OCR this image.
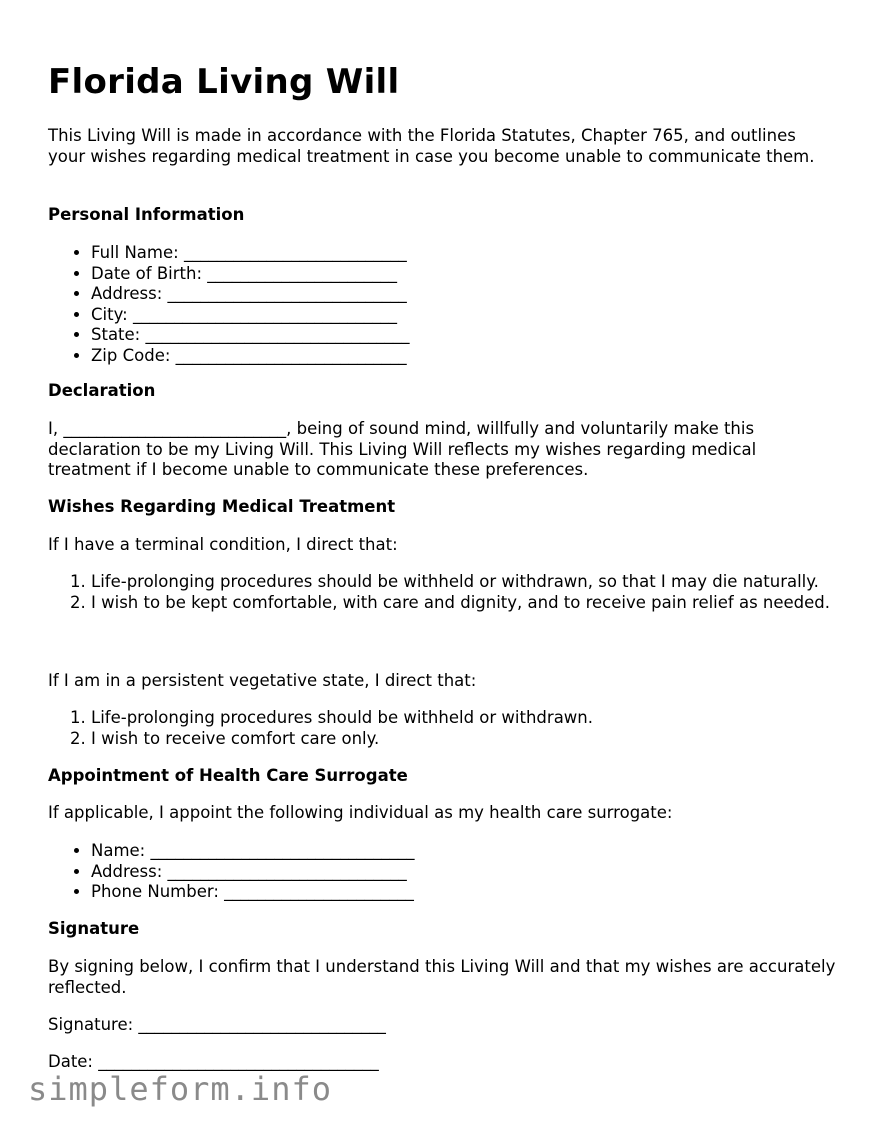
Florida Living Will
This Living Will is made in accordance with the Florida Statutes, Chapter 765, and outlines your wishes regarding medical treatment in case you become unable to communicate them.
Personal Information
• Full Name: ___________________________
• Date of Birth: _______________________
• Address: _____________________________
• City: ________________________________
• State: ________________________________
• Zip Code: ____________________________
Declaration
I, ___________________________, being of sound mind, willfully and voluntarily make this declaration to be my Living Will. This Living Will reflects my wishes regarding medical treatment if I become unable to communicate these preferences.
Wishes Regarding Medical Treatment
If I have a terminal condition, I direct that:
1. Life-prolonging procedures should be withheld or withdrawn, so that I may die naturally.
2. I wish to be kept comfortable, with care and dignity, and to receive pain relief as needed.
If I am in a persistent vegetative state, I direct that:
1. Life-prolonging procedures should be withheld or withdrawn.
2. I wish to receive comfort care only.
Appointment of Health Care Surrogate
If applicable, I appoint the following individual as my health care surrogate:
• Name: ________________________________
• Address: _____________________________
• Phone Number: _______________________
Signature
By signing below, I confirm that I understand this Living Will and that my wishes are accurately reflected.
Signature: ______________________________
Date: __________________________________
simpleform.info
